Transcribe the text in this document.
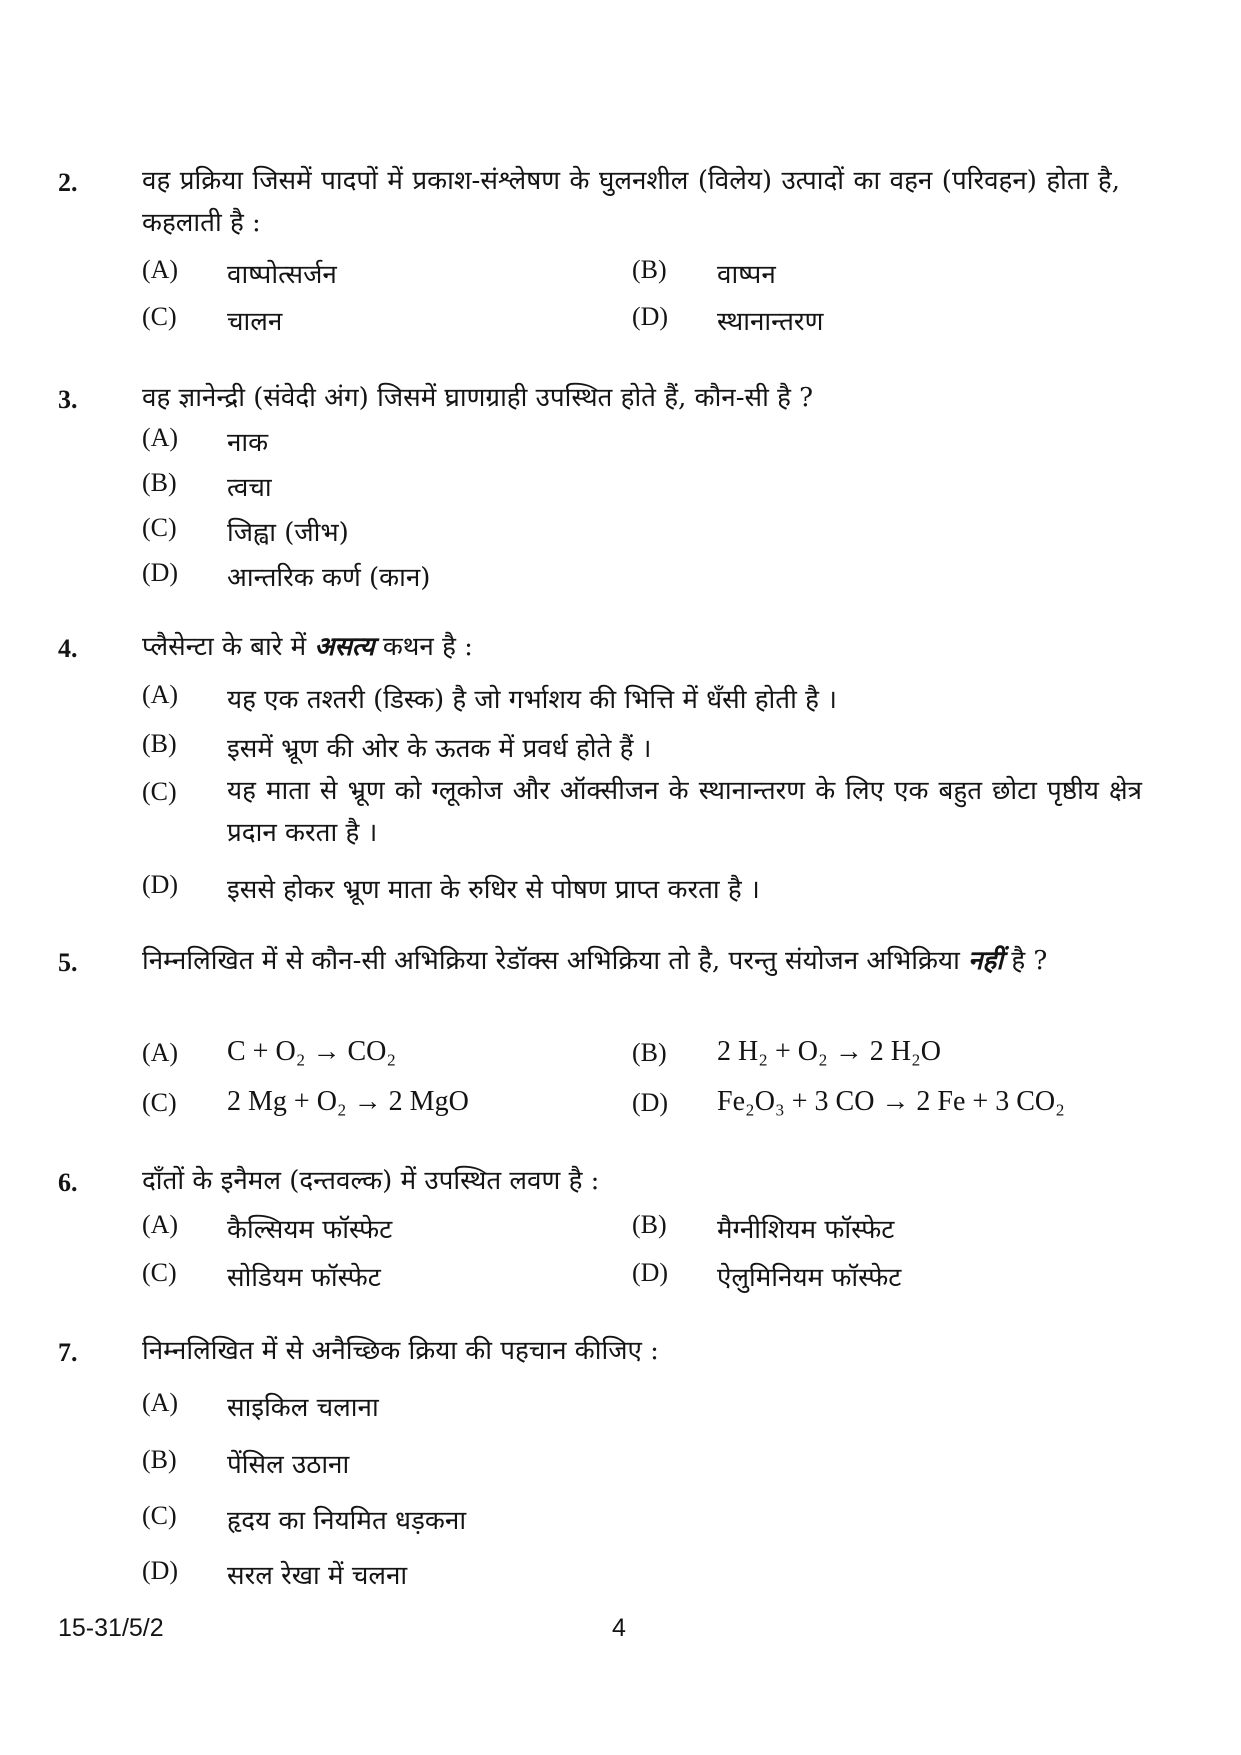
2. वह प्रक्रिया जिसमें पादपों में प्रकाश-संश्लेषण के घुलनशील (विलेय) उत्पादों का वहन (परिवहन) होता है, कहलाती है :
(A) वाष्पोत्सर्जन	(B) वाष्पन
(C) चालन	(D) स्थानान्तरण
3. वह ज्ञानेन्द्री (संवेदी अंग) जिसमें घ्राणग्राही उपस्थित होते हैं, कौन-सी है ?
(A) नाक
(B) त्वचा
(C) जिह्वा (जीभ)
(D) आन्तरिक कर्ण (कान)
4. प्लैसेन्टा के बारे में असत्य कथन है :
(A) यह एक तश्तरी (डिस्क) है जो गर्भाशय की भित्ति में धँसी होती है ।
(B) इसमें भ्रूण की ओर के ऊतक में प्रवर्ध होते हैं ।
(C) यह माता से भ्रूण को ग्लूकोज और ऑक्सीजन के स्थानान्तरण के लिए एक बहुत छोटा पृष्ठीय क्षेत्र प्रदान करता है ।
(D) इससे होकर भ्रूण माता के रुधिर से पोषण प्राप्त करता है ।
5. निम्नलिखित में से कौन-सी अभिक्रिया रेडॉक्स अभिक्रिया तो है, परन्तु संयोजन अभिक्रिया नहीं है ?
(A) C + O₂ → CO₂	(B) 2 H₂ + O₂ → 2 H₂O
(C) 2 Mg + O₂ → 2 MgO	(D) Fe₂O₃ + 3 CO → 2 Fe + 3 CO₂
6. दाँतों के इनैमल (दन्तवल्क) में उपस्थित लवण है :
(A) कैल्सियम फॉस्फेट	(B) मैग्नीशियम फॉस्फेट
(C) सोडियम फॉस्फेट	(D) ऐलुमिनियम फॉस्फेट
7. निम्नलिखित में से अनैच्छिक क्रिया की पहचान कीजिए :
(A) साइकिल चलाना
(B) पेंसिल उठाना
(C) हृदय का नियमित धड़कना
(D) सरल रेखा में चलना
15-31/5/2	4
